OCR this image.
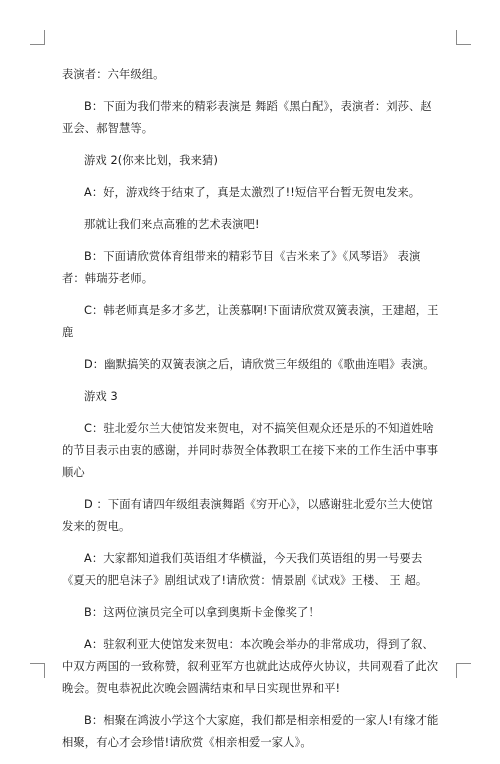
表演者：六年级组。

B：下面为我们带来的精彩表演是 舞蹈《黑白配》，表演者：刘莎、赵亚会、郝智慧等。

游戏 2(你来比划，我来猜)

A：好，游戏终于结束了，真是太激烈了!!短信平台暂无贺电发来。

那就让我们来点高雅的艺术表演吧!

B：下面请欣赏体育组带来的精彩节目《吉米来了》《风琴语》 表演者：韩瑞芬老师。

C：韩老师真是多才多艺，让羡慕啊!下面请欣赏双簧表演，王建超，王鹿

D：幽默搞笑的双簧表演之后，请欣赏三年级组的《歌曲连唱》表演。

游戏 3

C：驻北爱尔兰大使馆发来贺电，对不搞笑但观众还是乐的不知道姓啥的节目表示由衷的感谢，并同时恭贺全体教职工在接下来的工作生活中事事顺心

D ：下面有请四年级组表演舞蹈《穷开心》，以感谢驻北爱尔兰大使馆发来的贺电。

A：大家都知道我们英语组才华横溢，今天我们英语组的男一号要去《夏天的肥皂沫子》剧组试戏了!请欣赏：情景剧《试戏》王楼、 王 超。

B：这两位演员完全可以拿到奥斯卡金像奖了！

A：驻叙利亚大使馆发来贺电：本次晚会举办的非常成功，得到了叙、中双方两国的一致称赞，叙利亚军方也就此达成停火协议，共同观看了此次晚会。贺电恭祝此次晚会圆满结束和早日实现世界和平!

B：相聚在鸿波小学这个大家庭，我们都是相亲相爱的一家人!有缘才能相聚，有心才会珍惜!请欣赏《相亲相爱一家人》。
